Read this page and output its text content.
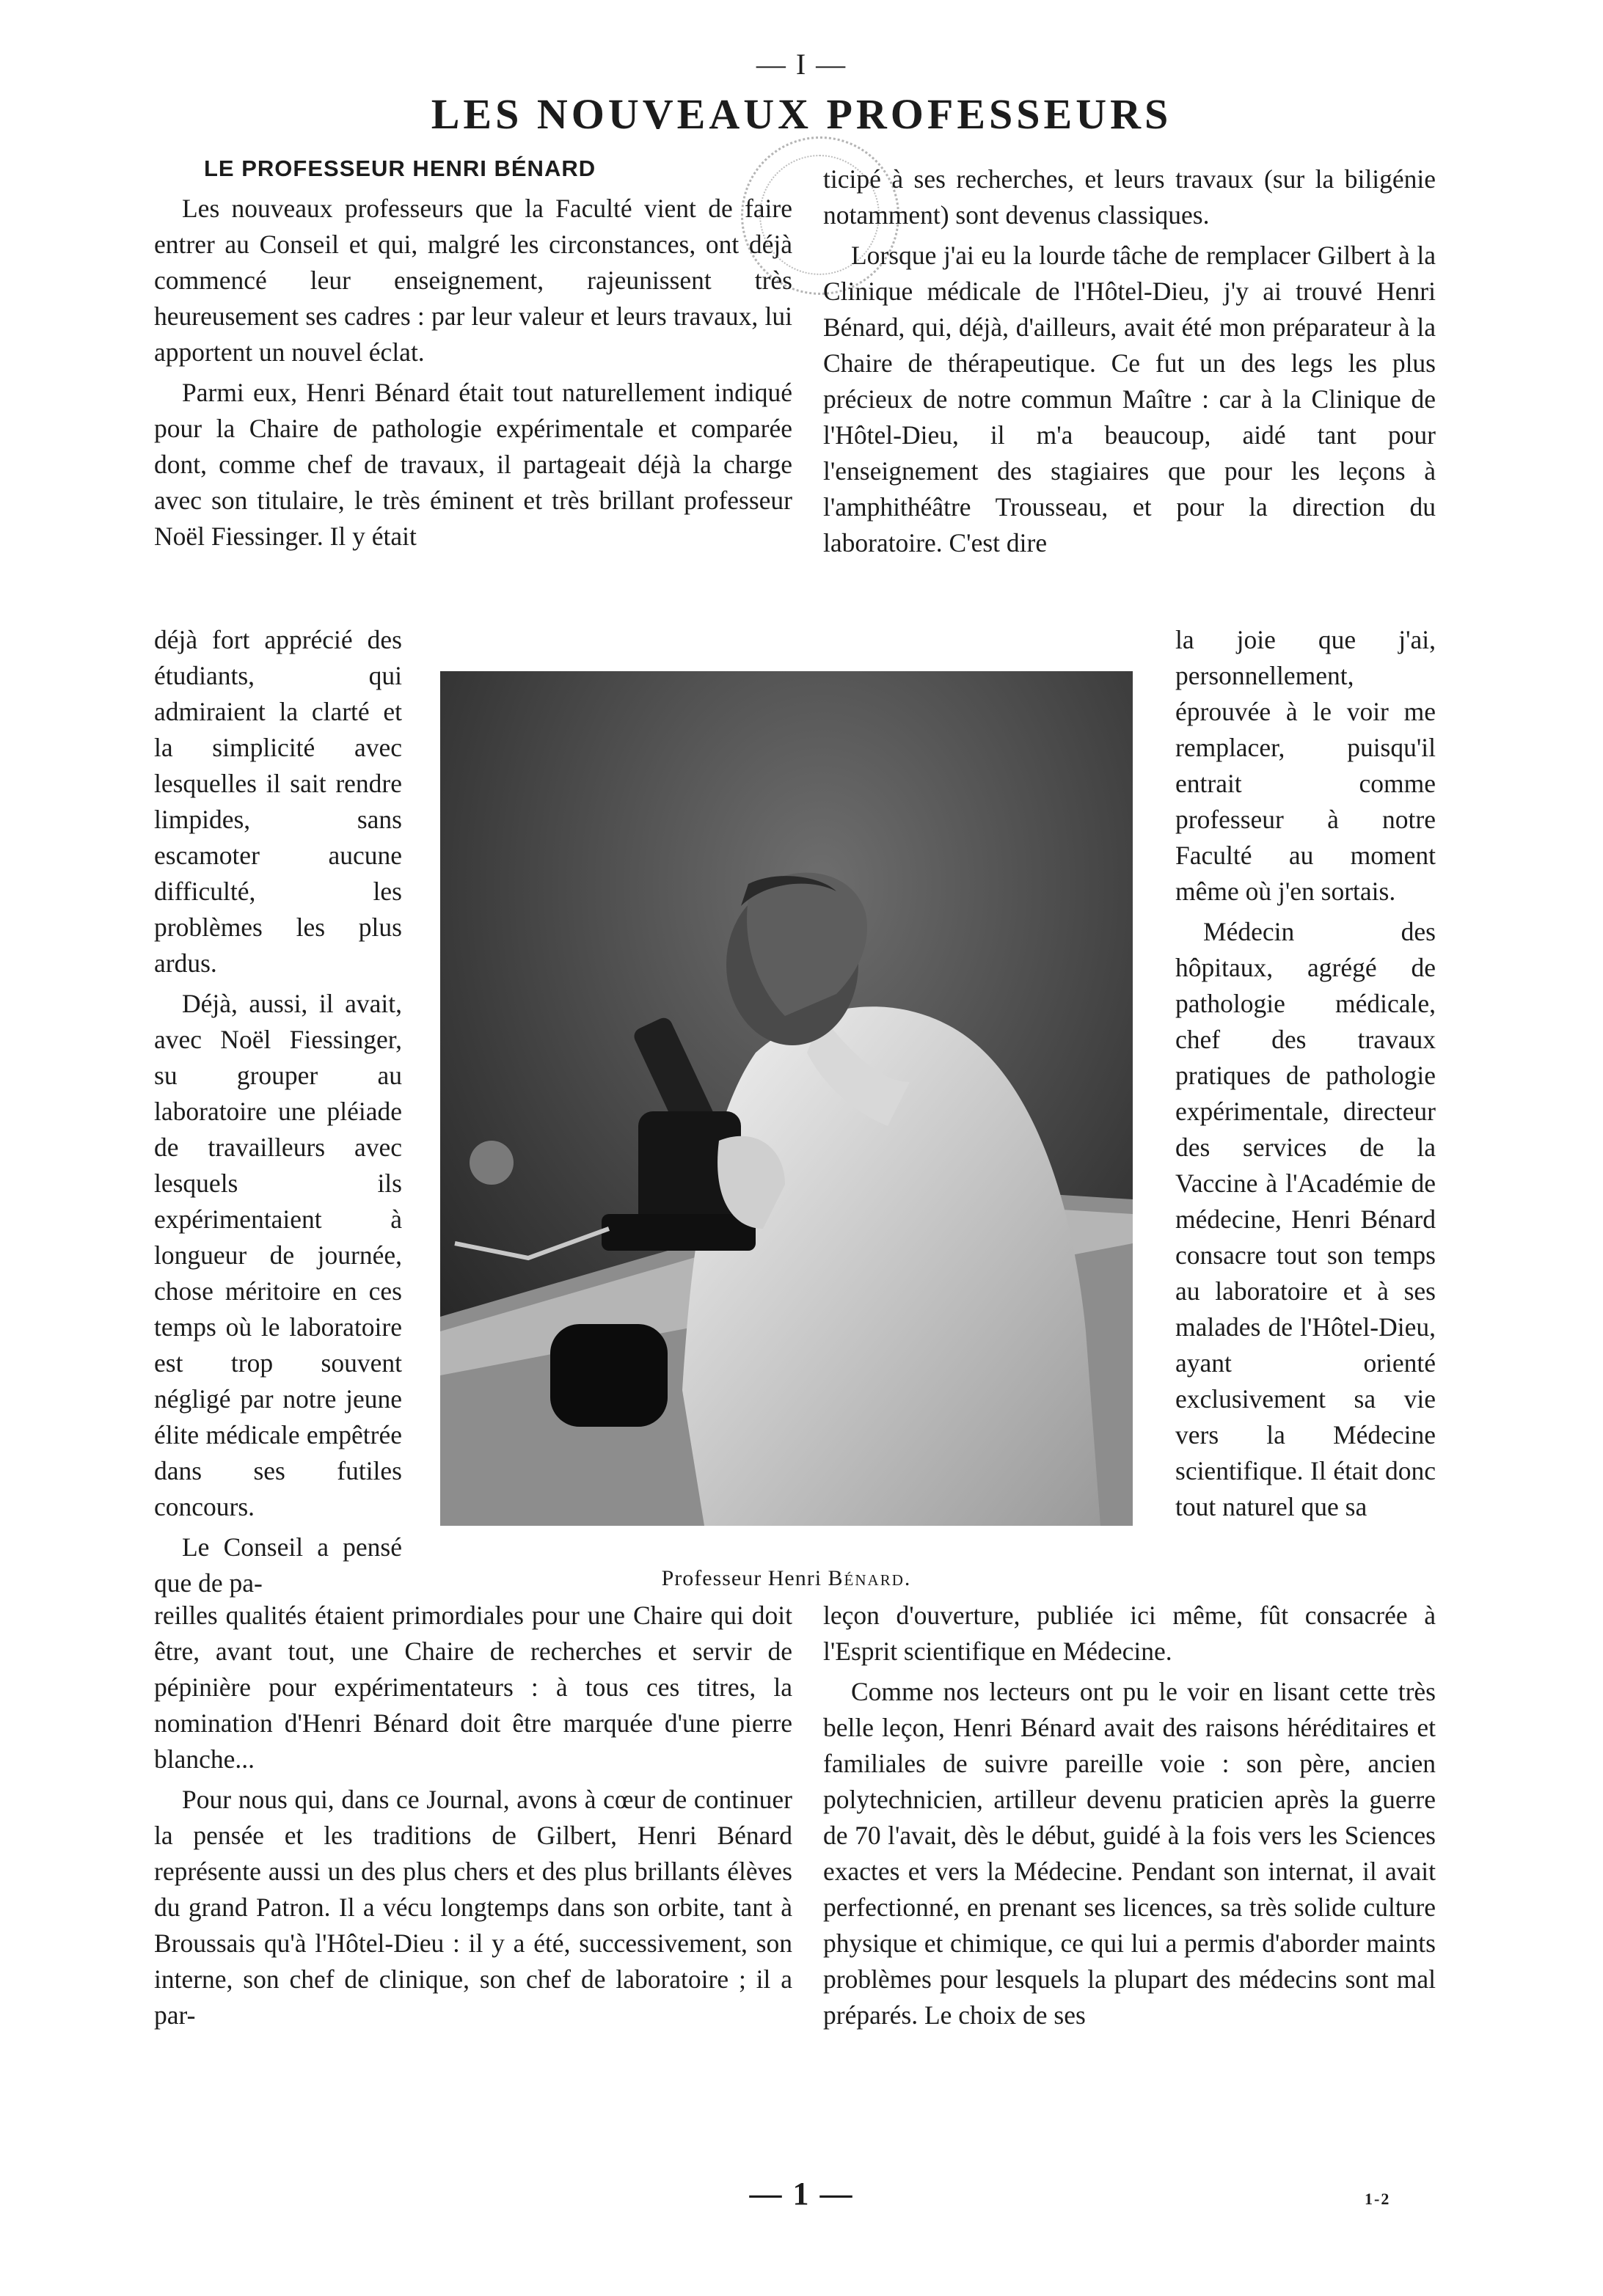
— I —
LES NOUVEAUX PROFESSEURS
LE PROFESSEUR HENRI BÉNARD	ticipé à ses recherches, et leurs travaux (sur la biligénie notamment) sont devenus classiques.

Lorsque j'ai eu la lourde tâche de remplacer Gilbert à la Clinique médicale de l'Hôtel-Dieu, j'y ai trouvé Henri Bénard, qui, déjà, d'ailleurs, avait été mon préparateur à la Chaire de thérapeutique. Ce fut un des legs les plus précieux de notre commun Maître : car à la Clinique de l'Hôtel-Dieu, il m'a beaucoup, aidé tant pour l'enseignement des stagiaires que pour les leçons à l'amphithéâtre Trousseau, et pour la direction du laboratoire. C'est dire

Les nouveaux professeurs que la Faculté vient de faire entrer au Conseil et qui, malgré les circonstances, ont déjà commencé leur enseignement, rajeunissent très heureusement ses cadres : par leur valeur et leurs travaux, lui apportent un nouvel éclat.

Parmi eux, Henri Bénard était tout naturellement indiqué pour la Chaire de pathologie expérimentale et comparée dont, comme chef de travaux, il partageait déjà la charge avec son titulaire, le très éminent et très brillant professeur Noël Fiessinger. Il y était

déjà fort apprécié des étudiants, qui admiraient la clarté et la simplicité avec lesquelles il sait rendre limpides, sans escamoter aucune difficulté, les problèmes les plus ardus.

Déjà, aussi, il avait, avec Noël Fiessinger, su grouper au laboratoire une pléiade de travailleurs avec lesquels ils expérimentaient à longueur de journée, chose méritoire en ces temps où le laboratoire est trop souvent négligé par notre jeune élite médicale empêtrée dans ses futiles concours.

Le Conseil a pensé que de pa-	Professeur Henri Bénard.

la joie que j'ai, personnellement, éprouvée à le voir me remplacer, puisqu'il entrait comme professeur à notre Faculté au moment même où j'en sortais.

Médecin des hôpitaux, agrégé de pathologie médicale, chef des travaux pratiques de pathologie expérimentale, directeur des services de la Vaccine à l'Académie de médecine, Henri Bénard consacre tout son temps au laboratoire et à ses malades de l'Hôtel-Dieu, ayant orienté exclusivement sa vie vers la Médecine scientifique. Il était donc tout naturel que sa

reilles qualités étaient primordiales pour une Chaire qui doit être, avant tout, une Chaire de recherches et servir de pépinière pour expérimentateurs : à tous ces titres, la nomination d'Henri Bénard doit être marquée d'une pierre blanche...

Pour nous qui, dans ce Journal, avons à cœur de continuer la pensée et les traditions de Gilbert, Henri Bénard représente aussi un des plus chers et des plus brillants élèves du grand Patron. Il a vécu longtemps dans son orbite, tant à Broussais qu'à l'Hôtel-Dieu : il y a été, successivement, son interne, son chef de clinique, son chef de laboratoire ; il a par-

leçon d'ouverture, publiée ici même, fût consacrée à l'Esprit scientifique en Médecine.

Comme nos lecteurs ont pu le voir en lisant cette très belle leçon, Henri Bénard avait des raisons héréditaires et familiales de suivre pareille voie : son père, ancien polytechnicien, artilleur devenu praticien après la guerre de 70 l'avait, dès le début, guidé à la fois vers les Sciences exactes et vers la Médecine. Pendant son internat, il avait perfectionné, en prenant ses licences, sa très solide culture physique et chimique, ce qui lui a permis d'aborder maints problèmes pour lesquels la plupart des médecins sont mal préparés. Le choix de ses

— 1 —	1-2
